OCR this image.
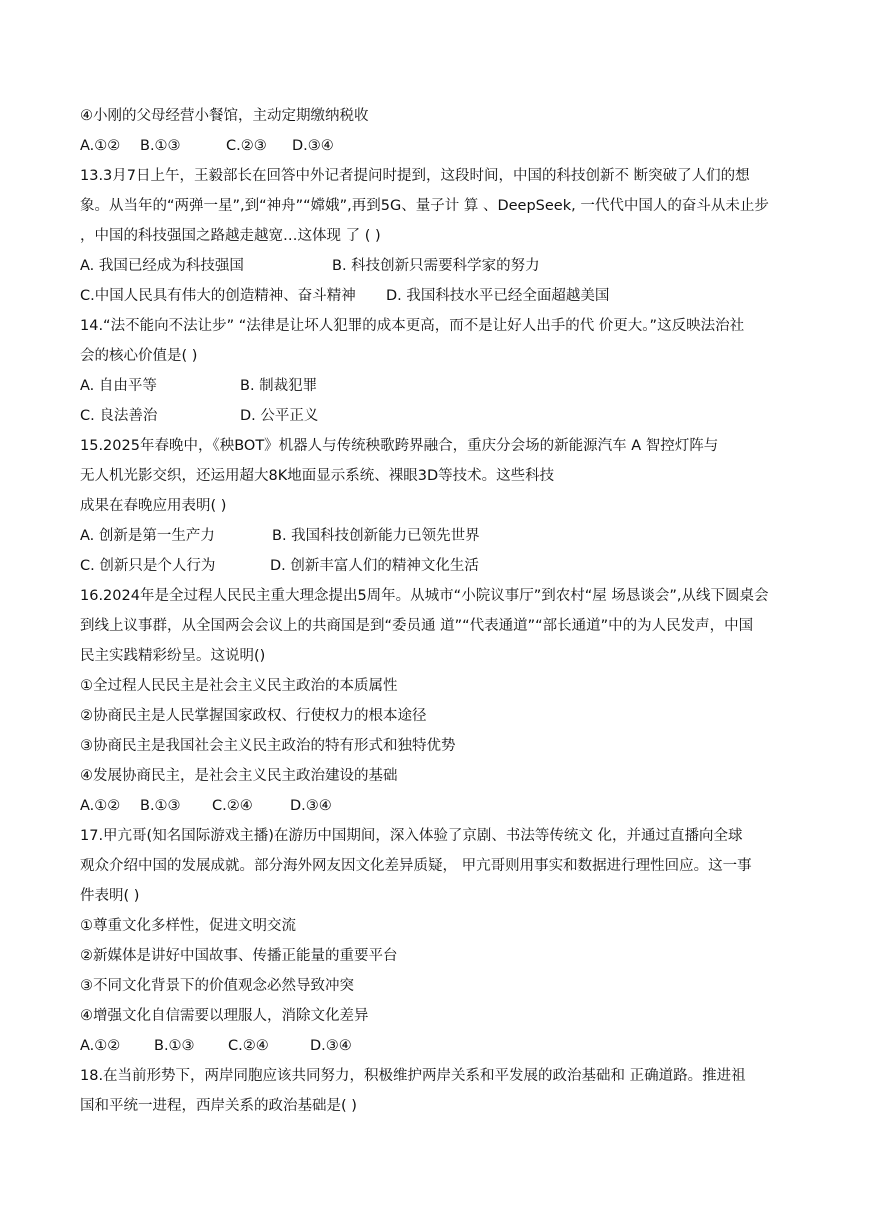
④小刚的父母经营小餐馆，主动定期缴纳税收
A.①②	B.①③	C.②③	D.③④
13.3月7日上午，王毅部长在回答中外记者提问时提到，这段时间，中国的科技创新不 断突破了人们的想
象。从当年的“两弹一星”,到“神舟”“嫦娥”,再到5G、量子计 算 、DeepSeek, 一代代中国人的奋斗从未止步
，中国的科技强国之路越走越宽…这体现 了 ( )
A. 我国已经成为科技强国	B. 科技创新只需要科学家的努力
C.中国人民具有伟大的创造精神、奋斗精神	D. 我国科技水平已经全面超越美国
14.“法不能向不法让步” “法律是让坏人犯罪的成本更高，而不是让好人出手的代 价更大。”这反映法治社
会的核心价值是( )
A. 自由平等	B. 制裁犯罪
C. 良法善治	D. 公平正义
15.2025年春晚中，《秧BOT》机器人与传统秧歌跨界融合，重庆分会场的新能源汽车 A 智控灯阵与
无人机光影交织，还运用超大8K地面显示系统、裸眼3D等技术。这些科技
成果在春晚应用表明( )
A. 创新是第一生产力	B. 我国科技创新能力已领先世界
C. 创新只是个人行为	D. 创新丰富人们的精神文化生活
16.2024年是全过程人民民主重大理念提出5周年。从城市“小院议事厅”到农村“屋 场恳谈会”,从线下圆桌会
到线上议事群，从全国两会会议上的共商国是到“委员通 道”“代表通道”“部长通道”中的为人民发声，中国
民主实践精彩纷呈。这说明()
①全过程人民民主是社会主义民主政治的本质属性
②协商民主是人民掌握国家政权、行使权力的根本途径
③协商民主是我国社会主义民主政治的特有形式和独特优势
④发展协商民主，是社会主义民主政治建设的基础
A.①②	B.①③	C.②④	D.③④
17.甲亢哥(知名国际游戏主播)在游历中国期间，深入体验了京剧、书法等传统文 化，并通过直播向全球
观众介绍中国的发展成就。部分海外网友因文化差异质疑， 甲亢哥则用事实和数据进行理性回应。这一事
件表明( )
①尊重文化多样性，促进文明交流
②新媒体是讲好中国故事、传播正能量的重要平台
③不同文化背景下的价值观念必然导致冲突
④增强文化自信需要以理服人，消除文化差异
A.①②	B.①③	C.②④	D.③④
18.在当前形势下，两岸同胞应该共同努力，积极维护两岸关系和平发展的政治基础和 正确道路。推进祖
国和平统一进程，西岸关系的政治基础是( )
